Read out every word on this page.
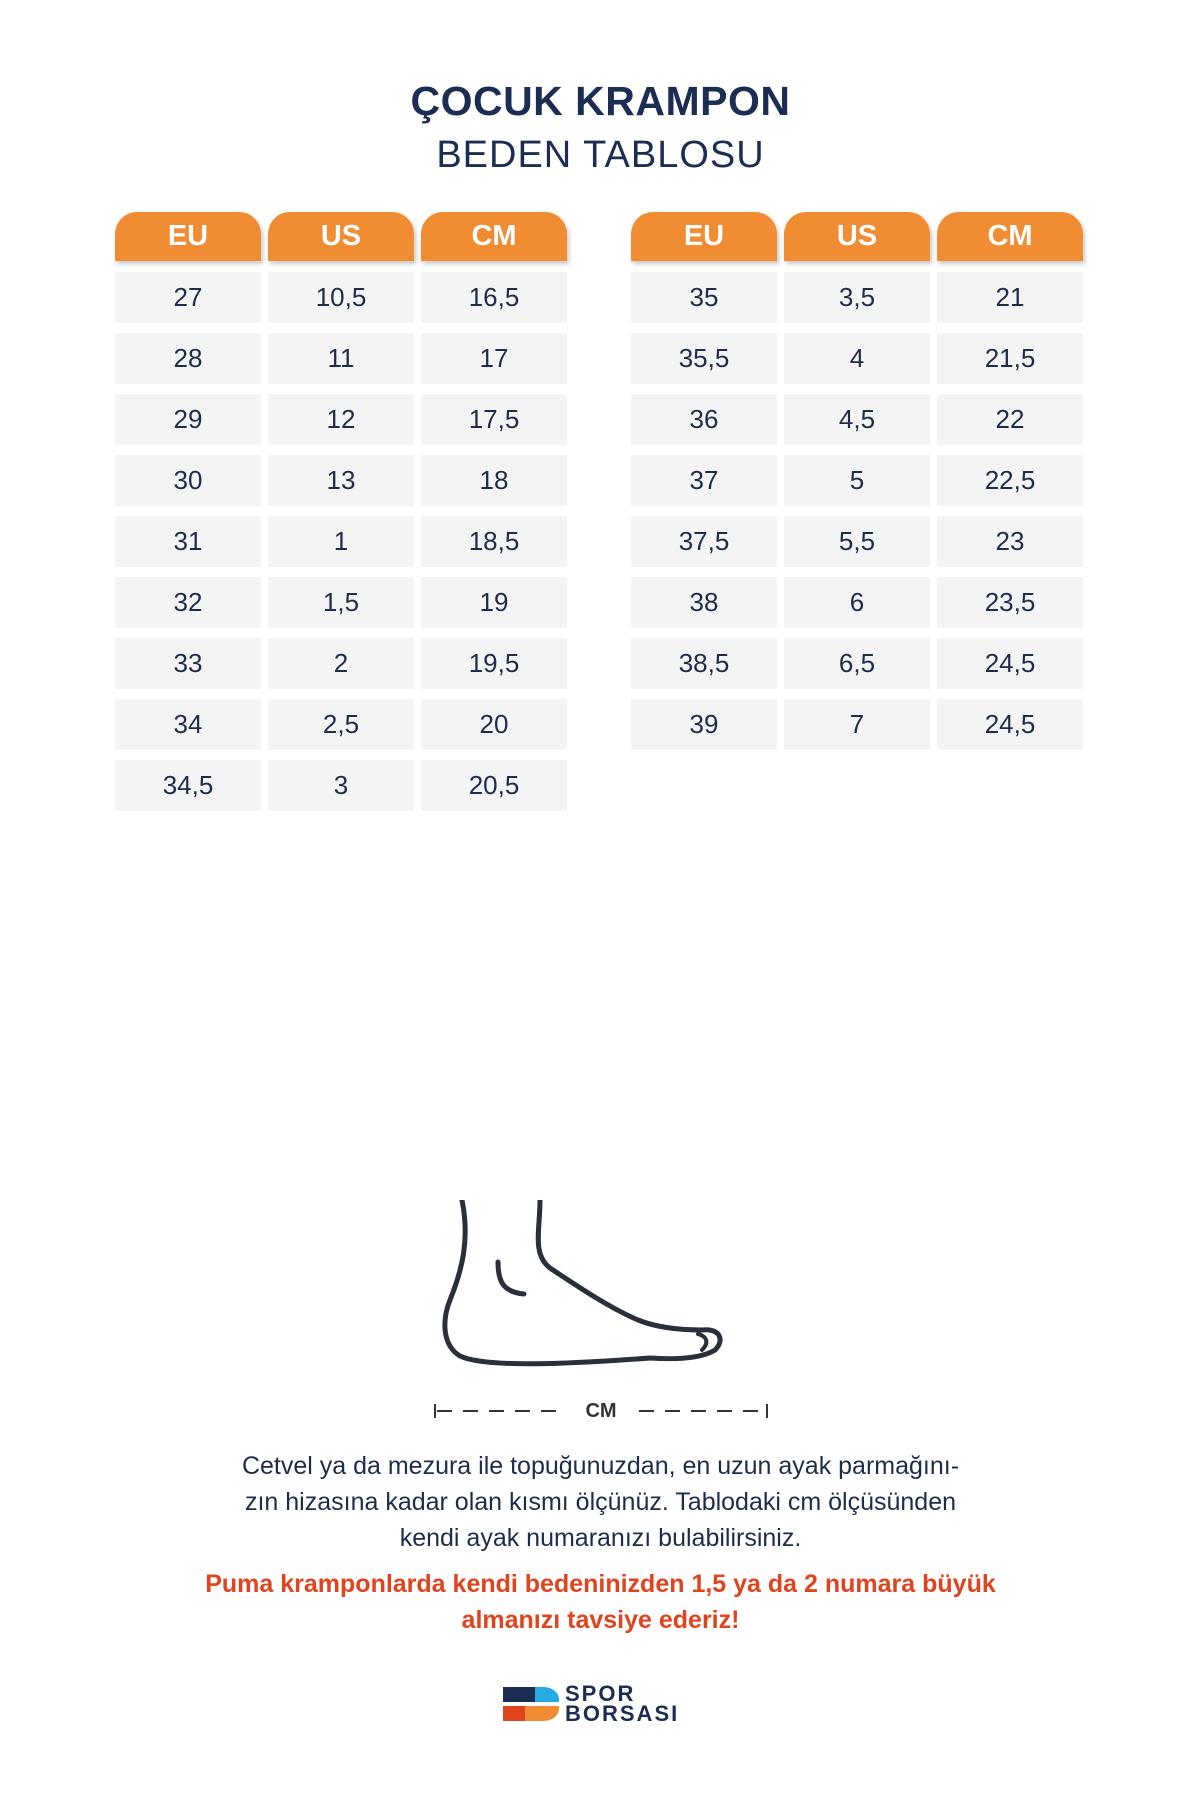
ÇOCUK KRAMPON
BEDEN TABLOSU
EU	US	CM
27	10,5	16,5
28	11	17
29	12	17,5
30	13	18
31	1	18,5
32	1,5	19
33	2	19,5
34	2,5	20
34,5	3	20,5
EU	US	CM
35	3,5	21
35,5	4	21,5
36	4,5	22
37	5	22,5
37,5	5,5	23
38	6	23,5
38,5	6,5	24,5
39	7	24,5
CM
Cetvel ya da mezura ile topuğunuzdan, en uzun ayak parmağını-
zın hizasına kadar olan kısmı ölçünüz. Tablodaki cm ölçüsünden
kendi ayak numaranızı bulabilirsiniz.
Puma kramponlarda kendi bedeninizden 1,5 ya da 2 numara büyük
almanızı tavsiye ederiz!
SPOR
BORSASI
